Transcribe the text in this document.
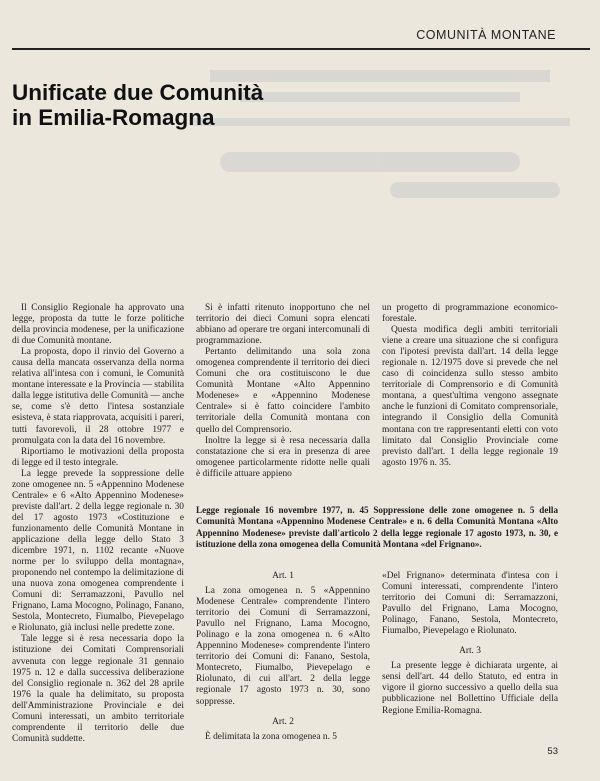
COMUNITÀ MONTANE
Unificate due Comunità
in Emilia-Romagna

Il Consiglio Regionale ha approvato una legge, proposta da tutte le forze politiche della provincia modenese, per la unificazione di due Comunità montane.

La proposta, dopo il rinvio del Governo a causa della mancata osservanza della norma relativa all'intesa con i comuni, le Comunità montane interessate e la Provincia — stabilita dalla legge istitutiva delle Comunità — anche se, come s'è detto l'intesa sostanziale esisteva, è stata riapprovata, acquisiti i pareri, tutti favorevoli, il 28 ottobre 1977 e promulgata con la data del 16 novembre.

Riportiamo le motivazioni della proposta di legge ed il testo integrale.

La legge prevede la soppressione delle zone omogenee nn. 5 «Appennino Modenese Centrale» e 6 «Alto Appennino Modenese» previste dall'art. 2 della legge regionale n. 30 del 17 agosto 1973 «Costituzione e funzionamento delle Comunità Montane in applicazione della legge dello Stato 3 dicembre 1971, n. 1102 recante «Nuove norme per lo sviluppo della montagna», proponendo nel contempo la delimitazione di una nuova zona omogenea comprendente i Comuni di: Serramazzoni, Pavullo nel Frignano, Lama Mocogno, Polinago, Fanano, Sestola, Montecreto, Fiumalbo, Pievepelago e Riolunato, già inclusi nelle predette zone.

Tale legge si è resa necessaria dopo la istituzione dei Comitati Comprensoriali avvenuta con legge regionale 31 gennaio 1975 n. 12 e dalla successiva deliberazione del Consiglio regionale n. 362 del 28 aprile 1976 la quale ha delimitato, su proposta dell'Amministrazione Provinciale e dei Comuni interessati, un ambito territoriale comprendente il territorio delle due Comunità suddette.

Si è infatti ritenuto inopportuno che nel territorio dei dieci Comuni sopra elencati abbiano ad operare tre organi intercomunali di programmazione.

Pertanto delimitando una sola zona omogenea comprendente il territorio dei dieci Comuni che ora costituiscono le due Comunità Montane «Alto Appennino Modenese» e «Appennino Modenese Centrale» si è fatto coincidere l'ambito territoriale della Comunità montana con quello del Comprensorio.

Inoltre la legge si è resa necessaria dalla constatazione che si era in presenza di aree omogenee particolarmente ridotte nelle quali è difficile attuare appieno

un progetto di programmazione economico-forestale.

Questa modifica degli ambiti territoriali viene a creare una situazione che si configura con l'ipotesi prevista dall'art. 14 della legge regionale n. 12/1975 dove si prevede che nel caso di coincidenza sullo stesso ambito territoriale di Comprensorio e di Comunità montana, a quest'ultima vengono assegnate anche le funzioni di Comitato comprensoriale, integrando il Consiglio della Comunità montana con tre rappresentanti eletti con voto limitato dal Consiglio Provinciale come previsto dall'art. 1 della legge regionale 19 agosto 1976 n. 35.

Legge regionale 16 novembre 1977, n. 45 Soppressione delle zone omogenee n. 5 della Comunità Montana «Appennino Modenese Centrale» e n. 6 della Comunità Montana «Alto Appennino Modenese» previste dall'articolo 2 della legge regionale 17 agosto 1973, n. 30, e istituzione della zona omogenea della Comunità Montana «del Frignano».

Art. 1

La zona omogenea n. 5 «Appennino Modenese Centrale» comprendente l'intero territorio dei Comuni di Serramazzoni, Pavullo nel Frignano, Lama Mocogno, Polinago e la zona omogenea n. 6 «Alto Appennino Modenese» comprendente l'intero territorio dei Comuni di: Fanano, Sestola, Montecreto, Fiumalbo, Pievepelago e Riolunato, di cui all'art. 2 della legge regionale 17 agosto 1973 n. 30, sono soppresse.

Art. 2

È delimitata la zona omogenea n. 5

«Del Frignano» determinata d'intesa con i Comuni interessati, comprendente l'intero territorio dei Comuni di: Serramazzoni, Pavullo del Frignano, Lama Mocogno, Polinago, Fanano, Sestola, Montecreto, Fiumalbo, Pievepelago e Riolunato.

Art. 3

La presente legge è dichiarata urgente, ai sensi dell'art. 44 dello Statuto, ed entra in vigore il giorno successivo a quello della sua pubblicazione nel Bollettino Ufficiale della Regione Emilia-Romagna.

53
